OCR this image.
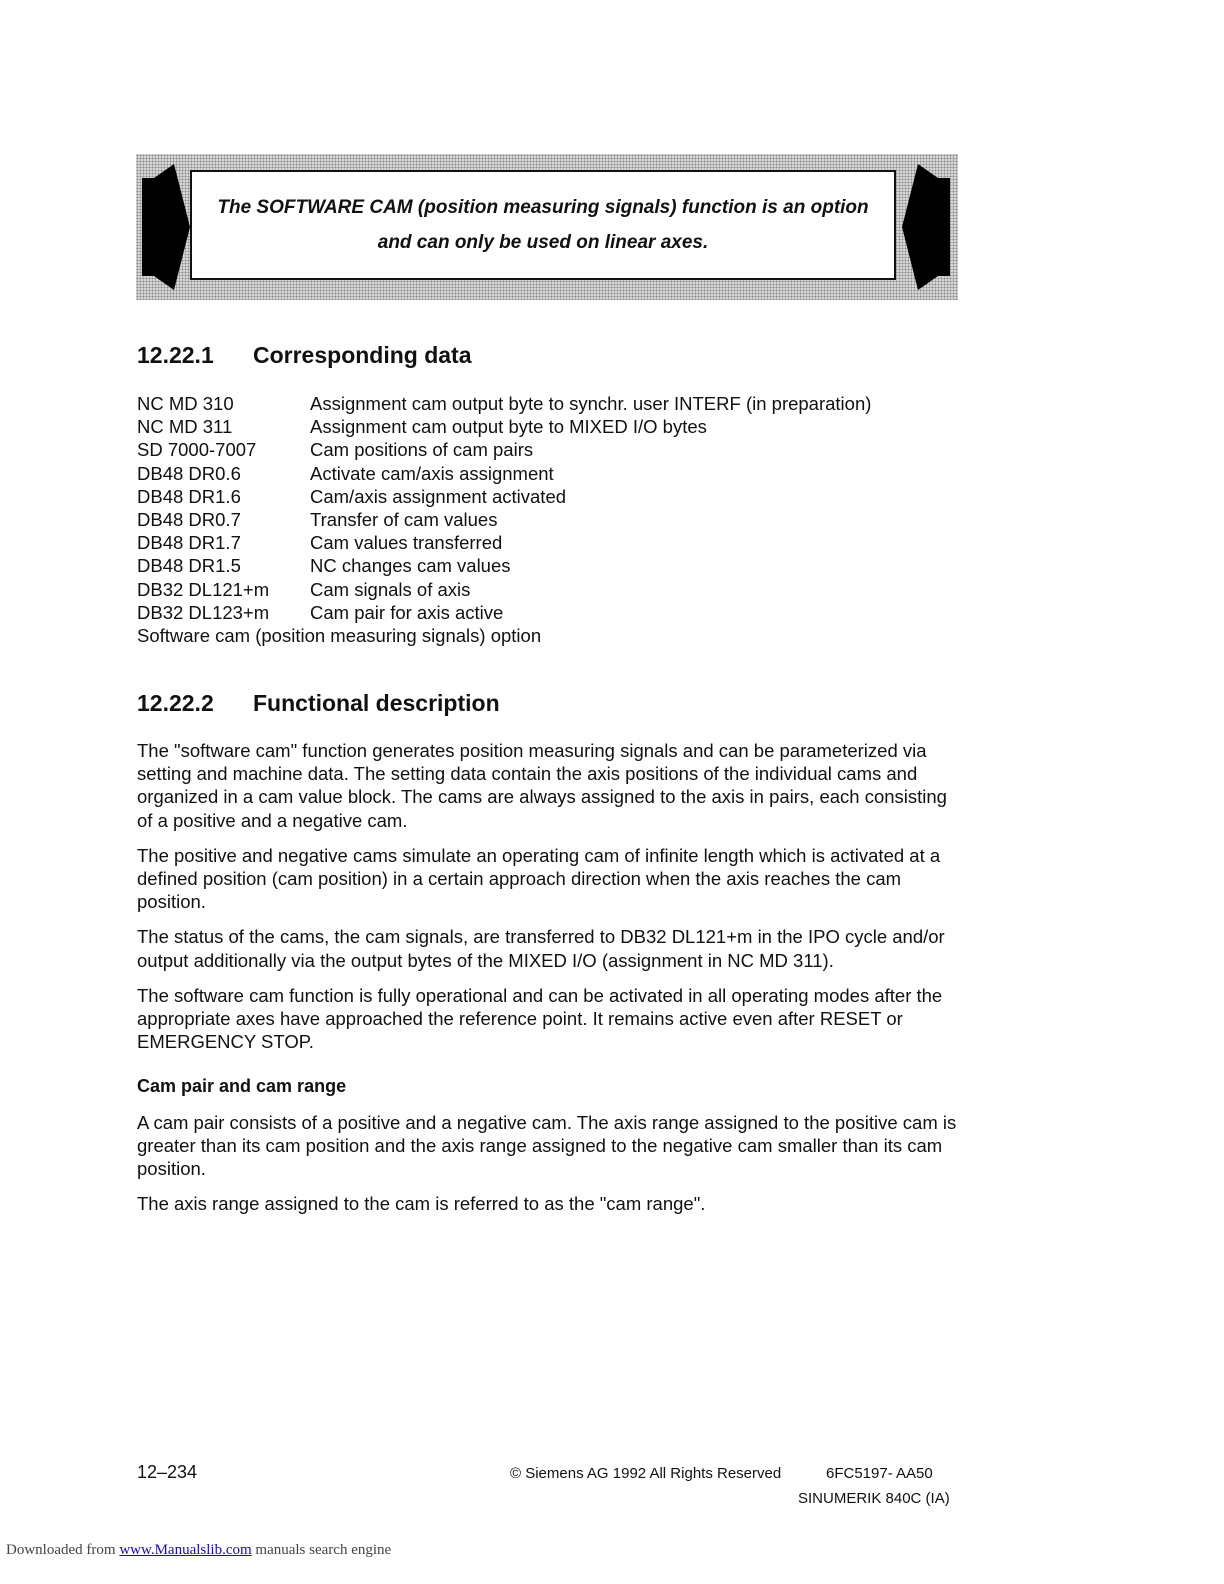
The SOFTWARE CAM (position measuring signals) function is an option
and can only be used on linear axes.
12.22.1 Corresponding data
NC MD 310	Assignment cam output byte to synchr. user INTERF (in preparation)
NC MD 311	Assignment cam output byte to MIXED I/O bytes
SD 7000-7007	Cam positions of cam pairs
DB48 DR0.6	Activate cam/axis assignment
DB48 DR1.6	Cam/axis assignment activated
DB48 DR0.7	Transfer of cam values
DB48 DR1.7	Cam values transferred
DB48 DR1.5	NC changes cam values
DB32 DL121+m	Cam signals of axis
DB32 DL123+m	Cam pair for axis active
Software cam (position measuring signals) option
12.22.2 Functional description

The "software cam" function generates position measuring signals and can be parameterized via setting and machine data. The setting data contain the axis positions of the individual cams and organized in a cam value block. The cams are always assigned to the axis in pairs, each consisting of a positive and a negative cam.

The positive and negative cams simulate an operating cam of infinite length which is activated at a defined position (cam position) in a certain approach direction when the axis reaches the cam position.

The status of the cams, the cam signals, are transferred to DB32 DL121+m in the IPO cycle and/or output additionally via the output bytes of the MIXED I/O (assignment in NC MD 311).

The software cam function is fully operational and can be activated in all operating modes after the appropriate axes have approached the reference point. It remains active even after RESET or EMERGENCY STOP.

Cam pair and cam range

A cam pair consists of a positive and a negative cam. The axis range assigned to the positive cam is greater than its cam position and the axis range assigned to the negative cam smaller than its cam position.

The axis range assigned to the cam is referred to as the "cam range".

12–234	© Siemens AG 1992 All Rights Reserved	6FC5197- AA50
SINUMERIK 840C (IA)
Downloaded from www.Manualslib.com manuals search engine
